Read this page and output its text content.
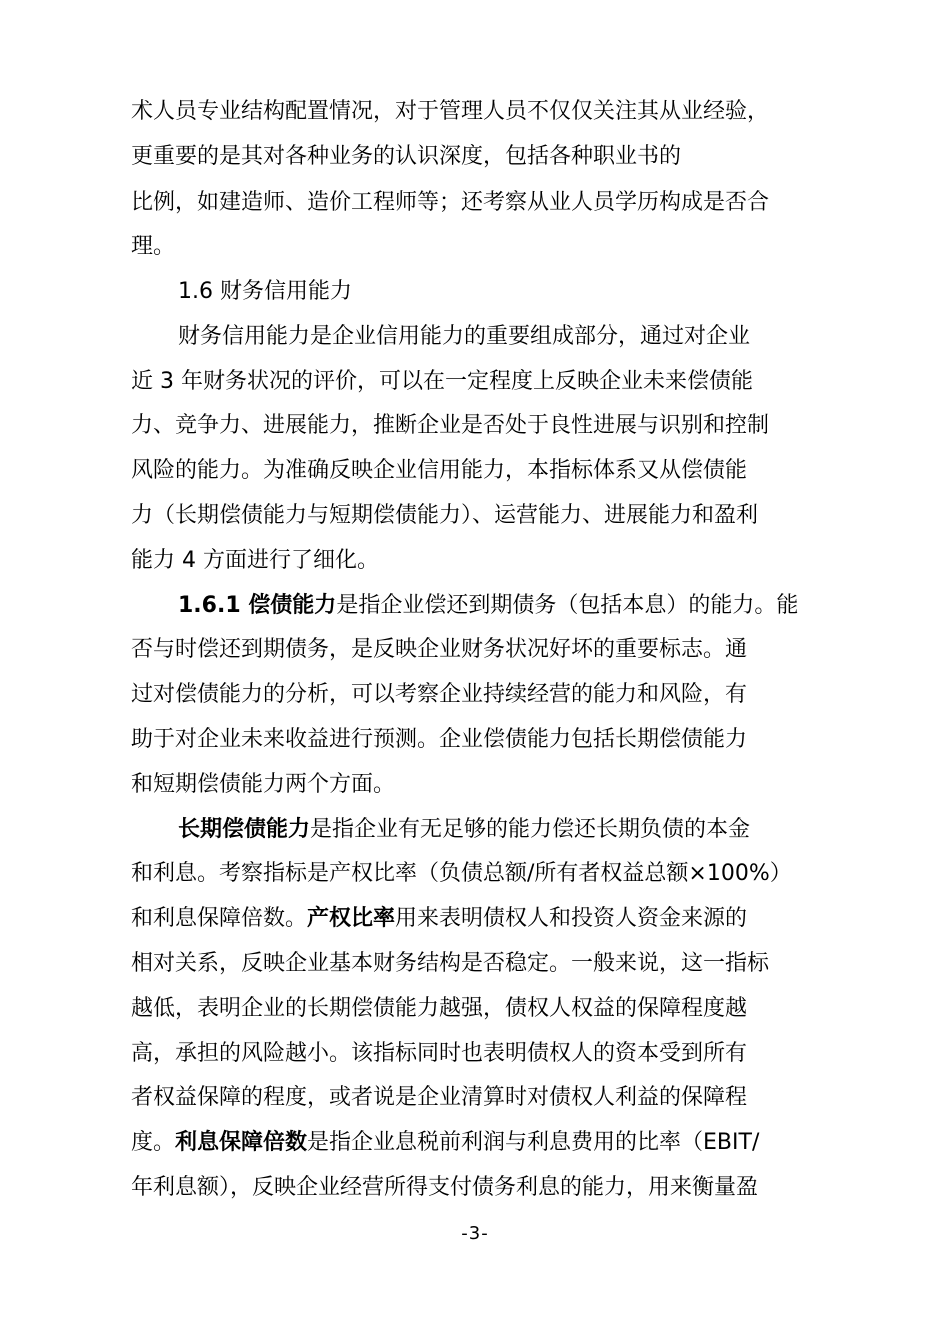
术人员专业结构配置情况，对于管理人员不仅仅关注其从业经验，

更重要的是其对各种业务的认识深度，包括各种职业书的

比例，如建造师、造价工程师等；还考察从业人员学历构成是否合

理。

1.6 财务信用能力

财务信用能力是企业信用能力的重要组成部分，通过对企业

近 3 年财务状况的评价，可以在一定程度上反映企业未来偿债能

力、竞争力、进展能力，推断企业是否处于良性进展与识别和控制

风险的能力。为准确反映企业信用能力，本指标体系又从偿债能

力（长期偿债能力与短期偿债能力）、运营能力、进展能力和盈利

能力 4 方面进行了细化。

1.6.1 偿债能力是指企业偿还到期债务（包括本息）的能力。能

否与时偿还到期债务，是反映企业财务状况好坏的重要标志。通

过对偿债能力的分析，可以考察企业持续经营的能力和风险，有

助于对企业未来收益进行预测。企业偿债能力包括长期偿债能力

和短期偿债能力两个方面。

长期偿债能力是指企业有无足够的能力偿还长期负债的本金

和利息。考察指标是产权比率（负债总额/所有者权益总额×100%）

和利息保障倍数。产权比率用来表明债权人和投资人资金来源的

相对关系，反映企业基本财务结构是否稳定。一般来说，这一指标

越低，表明企业的长期偿债能力越强，债权人权益的保障程度越

高，承担的风险越小。该指标同时也表明债权人的资本受到所有

者权益保障的程度，或者说是企业清算时对债权人利益的保障程

度。利息保障倍数是指企业息税前利润与利息费用的比率（EBIT/

年利息额），反映企业经营所得支付债务利息的能力，用来衡量盈

-3-
